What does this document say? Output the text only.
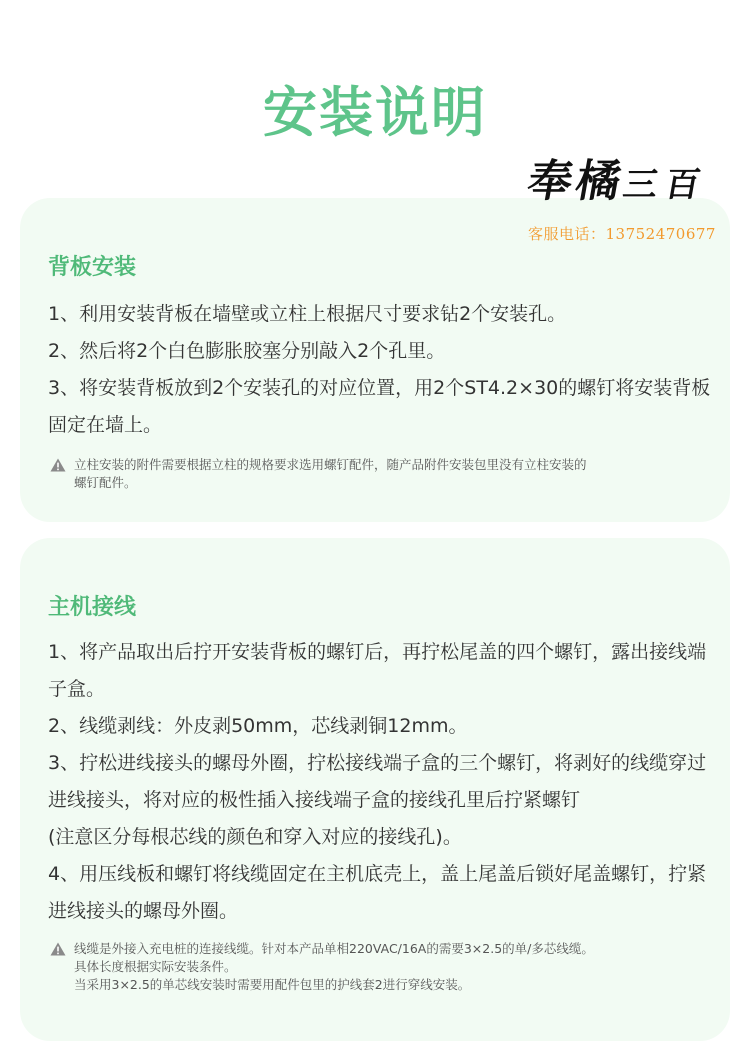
安装说明
奉橘三百
客服电话：13752470677
背板安装

1、利用安装背板在墙壁或立柱上根据尺寸要求钻2个安装孔。

2、然后将2个白色膨胀胶塞分别敲入2个孔里。

3、将安装背板放到2个安装孔的对应位置，用2个ST4.2×30的螺钉将安装背板固定在墙上。

立柱安装的附件需要根据立柱的规格要求选用螺钉配件，随产品附件安装包里没有立柱安装的
螺钉配件。
主机接线

1、将产品取出后拧开安装背板的螺钉后，再拧松尾盖的四个螺钉，露出接线端子盒。

2、线缆剥线：外皮剥50mm，芯线剥铜12mm。

3、拧松进线接头的螺母外圈，拧松接线端子盒的三个螺钉，将剥好的线缆穿过进线接头，将对应的极性插入接线端子盒的接线孔里后拧紧螺钉

(注意区分每根芯线的颜色和穿入对应的接线孔)。

4、用压线板和螺钉将线缆固定在主机底壳上，盖上尾盖后锁好尾盖螺钉，拧紧进线接头的螺母外圈。

线缆是外接入充电桩的连接线缆。针对本产品单相220VAC/16A的需要3×2.5的单/多芯线缆。
具体长度根据实际安装条件。
当采用3×2.5的单芯线安装时需要用配件包里的护线套2进行穿线安装。
